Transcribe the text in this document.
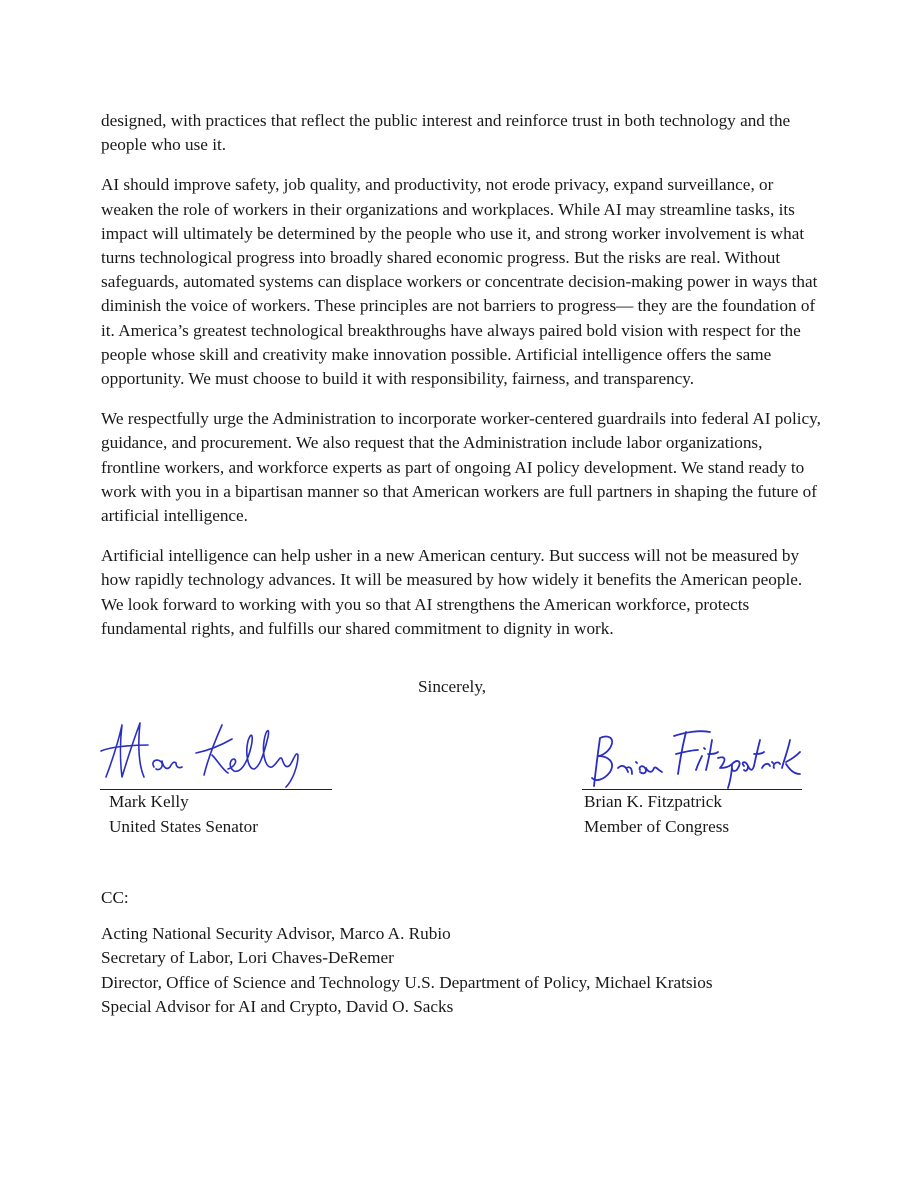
designed, with practices that reflect the public interest and reinforce trust in both technology and the people who use it.

AI should improve safety, job quality, and productivity, not erode privacy, expand surveillance, or weaken the role of workers in their organizations and workplaces. While AI may streamline tasks, its impact will ultimately be determined by the people who use it, and strong worker involvement is what turns technological progress into broadly shared economic progress. But the risks are real. Without safeguards, automated systems can displace workers or concentrate decision-making power in ways that diminish the voice of workers. These principles are not barriers to progress— they are the foundation of it. America’s greatest technological breakthroughs have always paired bold vision with respect for the people whose skill and creativity make innovation possible. Artificial intelligence offers the same opportunity. We must choose to build it with responsibility, fairness, and transparency.

We respectfully urge the Administration to incorporate worker-centered guardrails into federal AI policy, guidance, and procurement. We also request that the Administration include labor organizations, frontline workers, and workforce experts as part of ongoing AI policy development. We stand ready to work with you in a bipartisan manner so that American workers are full partners in shaping the future of artificial intelligence.

Artificial intelligence can help usher in a new American century. But success will not be measured by how rapidly technology advances. It will be measured by how widely it benefits the American people. We look forward to working with you so that AI strengthens the American workforce, protects fundamental rights, and fulfills our shared commitment to dignity in work.

Sincerely,
Mark Kelly
United States Senator
Brian K. Fitzpatrick
Member of Congress
CC:
Acting National Security Advisor, Marco A. Rubio
Secretary of Labor, Lori Chaves-DeRemer
Director, Office of Science and Technology U.S. Department of Policy, Michael Kratsios
Special Advisor for AI and Crypto, David O. Sacks
